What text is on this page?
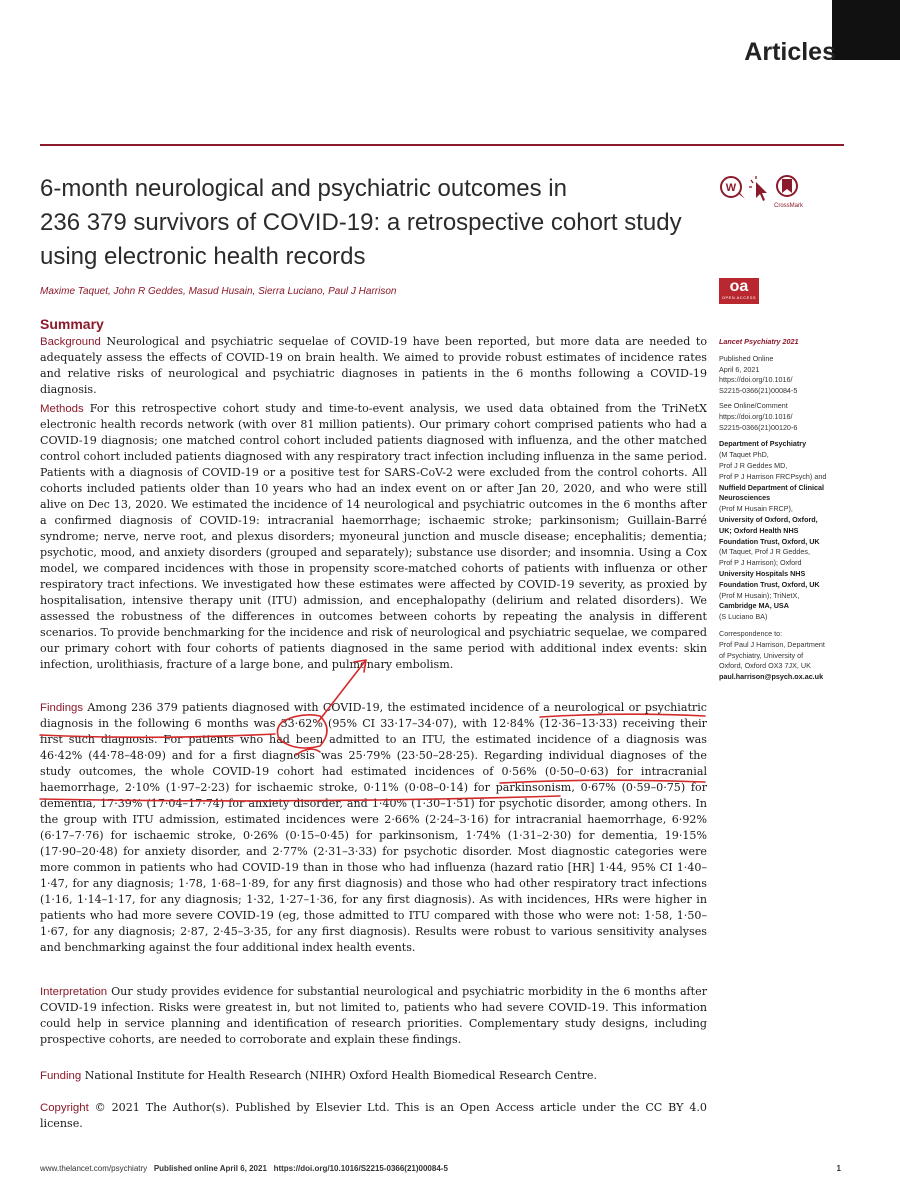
Articles
6-month neurological and psychiatric outcomes in
236 379 survivors of COVID-19: a retrospective cohort study
using electronic health records
W
CrossMark
oa
OPEN ACCESS
Maxime Taquet, John R Geddes, Masud Husain, Sierra Luciano, Paul J Harrison
Summary
Background Neurological and psychiatric sequelae of COVID-19 have been reported, but more data are needed to adequately assess the effects of COVID-19 on brain health. We aimed to provide robust estimates of incidence rates and relative risks of neurological and psychiatric diagnoses in patients in the 6 months following a COVID-19 diagnosis.
Methods For this retrospective cohort study and time-to-event analysis, we used data obtained from the TriNetX electronic health records network (with over 81 million patients). Our primary cohort comprised patients who had a COVID-19 diagnosis; one matched control cohort included patients diagnosed with influenza, and the other matched control cohort included patients diagnosed with any respiratory tract infection including influenza in the same period. Patients with a diagnosis of COVID-19 or a positive test for SARS-CoV-2 were excluded from the control cohorts. All cohorts included patients older than 10 years who had an index event on or after Jan 20, 2020, and who were still alive on Dec 13, 2020. We estimated the incidence of 14 neurological and psychiatric outcomes in the 6 months after a confirmed diagnosis of COVID-19: intracranial haemorrhage; ischaemic stroke; parkinsonism; Guillain-Barré syndrome; nerve, nerve root, and plexus disorders; myoneural junction and muscle disease; encephalitis; dementia; psychotic, mood, and anxiety disorders (grouped and separately); substance use disorder; and insomnia. Using a Cox model, we compared incidences with those in propensity score-matched cohorts of patients with influenza or other respiratory tract infections. We investigated how these estimates were affected by COVID-19 severity, as proxied by hospitalisation, intensive therapy unit (ITU) admission, and encephalopathy (delirium and related disorders). We assessed the robustness of the differences in outcomes between cohorts by repeating the analysis in different scenarios. To provide benchmarking for the incidence and risk of neurological and psychiatric sequelae, we compared our primary cohort with four cohorts of patients diagnosed in the same period with additional index events: skin infection, urolithiasis, fracture of a large bone, and pulmonary embolism.
Findings Among 236 379 patients diagnosed with COVID-19, the estimated incidence of a neurological or psychiatric diagnosis in the following 6 months was 33·62% (95% CI 33·17–34·07), with 12·84% (12·36–13·33) receiving their first such diagnosis. For patients who had been admitted to an ITU, the estimated incidence of a diagnosis was 46·42% (44·78–48·09) and for a first diagnosis was 25·79% (23·50–28·25). Regarding individual diagnoses of the study outcomes, the whole COVID-19 cohort had estimated incidences of 0·56% (0·50–0·63) for intracranial haemorrhage, 2·10% (1·97–2·23) for ischaemic stroke, 0·11% (0·08–0·14) for parkinsonism, 0·67% (0·59–0·75) for dementia, 17·39% (17·04–17·74) for anxiety disorder, and 1·40% (1·30–1·51) for psychotic disorder, among others. In the group with ITU admission, estimated incidences were 2·66% (2·24–3·16) for intracranial haemorrhage, 6·92% (6·17–7·76) for ischaemic stroke, 0·26% (0·15–0·45) for parkinsonism, 1·74% (1·31–2·30) for dementia, 19·15% (17·90–20·48) for anxiety disorder, and 2·77% (2·31–3·33) for psychotic disorder. Most diagnostic categories were more common in patients who had COVID-19 than in those who had influenza (hazard ratio [HR] 1·44, 95% CI 1·40–1·47, for any diagnosis; 1·78, 1·68–1·89, for any first diagnosis) and those who had other respiratory tract infections (1·16, 1·14–1·17, for any diagnosis; 1·32, 1·27–1·36, for any first diagnosis). As with incidences, HRs were higher in patients who had more severe COVID-19 (eg, those admitted to ITU compared with those who were not: 1·58, 1·50–1·67, for any diagnosis; 2·87, 2·45–3·35, for any first diagnosis). Results were robust to various sensitivity analyses and benchmarking against the four additional index health events.
Interpretation Our study provides evidence for substantial neurological and psychiatric morbidity in the 6 months after COVID-19 infection. Risks were greatest in, but not limited to, patients who had severe COVID-19. This information could help in service planning and identification of research priorities. Complementary study designs, including prospective cohorts, are needed to corroborate and explain these findings.
Funding National Institute for Health Research (NIHR) Oxford Health Biomedical Research Centre.
Copyright © 2021 The Author(s). Published by Elsevier Ltd. This is an Open Access article under the CC BY 4.0 license.
Lancet Psychiatry 2021
Published Online
April 6, 2021
https://doi.org/10.1016/
S2215-0366(21)00084-5
See Online/Comment
https://doi.org/10.1016/
S2215-0366(21)00120-6
Department of Psychiatry
(M Taquet PhD,
Prof J R Geddes MD,
Prof P J Harrison FRCPsych) and
Nuffield Department of Clinical
Neurosciences
(Prof M Husain FRCP),
University of Oxford, Oxford,
UK; Oxford Health NHS
Foundation Trust, Oxford, UK
(M Taquet, Prof J R Geddes,
Prof P J Harrison); Oxford
University Hospitals NHS
Foundation Trust, Oxford, UK
(Prof M Husain); TriNetX,
Cambridge MA, USA
(S Luciano BA)
Correspondence to:
Prof Paul J Harrison, Department
of Psychiatry, University of
Oxford, Oxford OX3 7JX, UK
paul.harrison@psych.ox.ac.uk
www.thelancet.com/psychiatry Published online April 6, 2021 https://doi.org/10.1016/S2215-0366(21)00084-5	1
